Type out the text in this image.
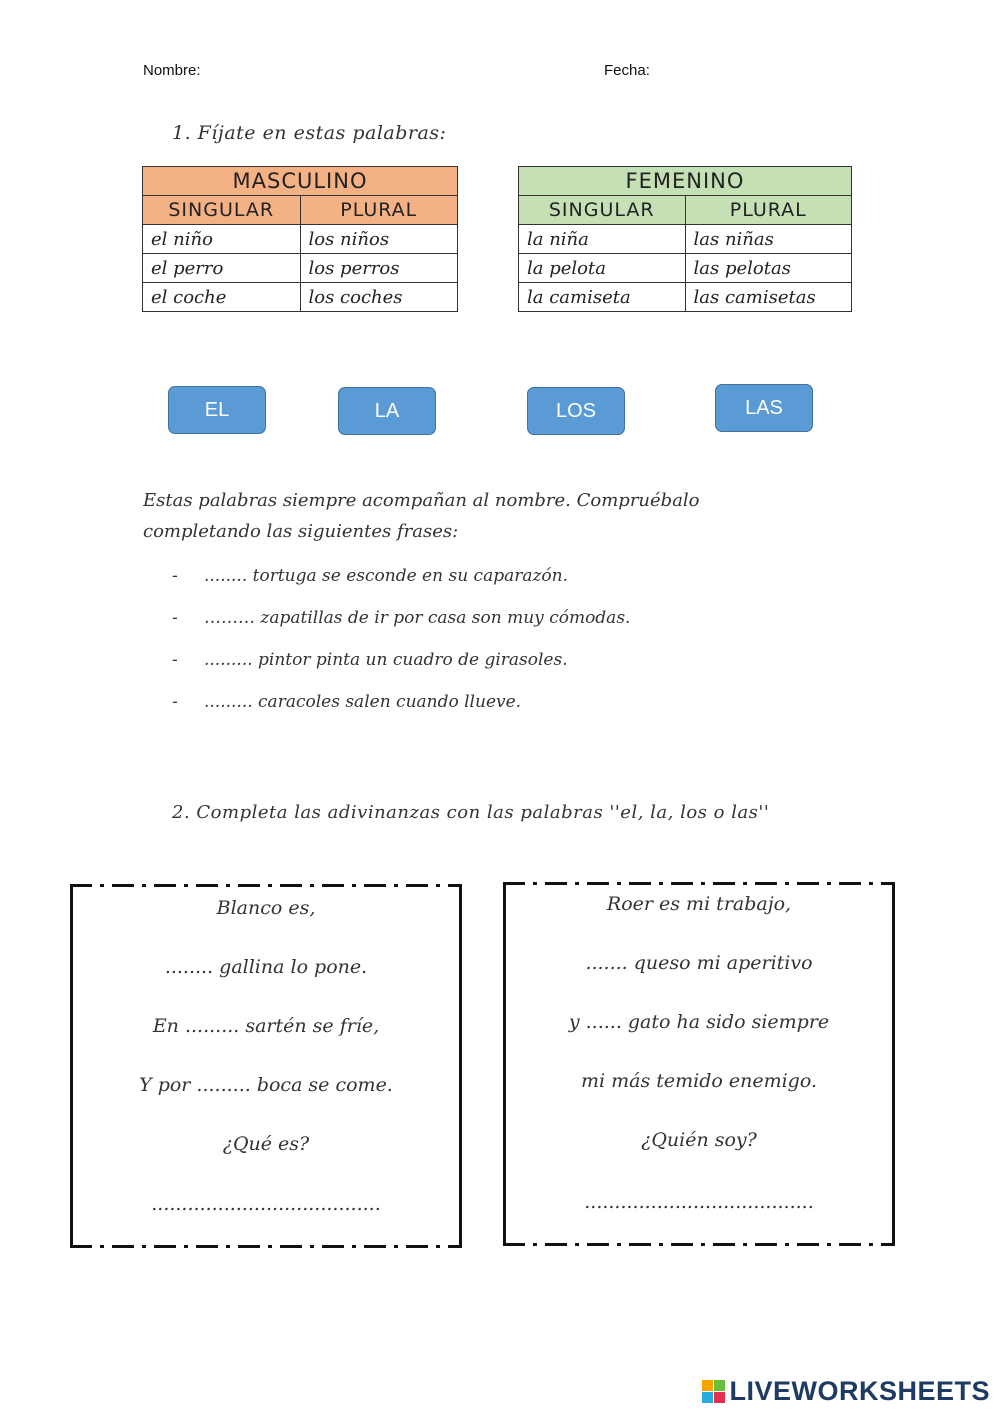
Nombre:	Fecha:
1. Fíjate en estas palabras:
MASCULINO	
SINGULAR	PLURAL
el niño	los niños
el perro	los perros
el coche	los coches
FEMENINO	
SINGULAR	PLURAL
la niña	las niñas
la pelota	las pelotas
la camiseta	las camisetas
EL	LA	LOS	LAS
Estas palabras siempre acompañan al nombre. Compruébalo
completando las siguientes frases:
- ........ tortuga se esconde en su caparazón.
- ……… zapatillas de ir por casa son muy cómodas.
- ......... pintor pinta un cuadro de girasoles.
- ......... caracoles salen cuando llueve.
2. Completa las adivinanzas con las palabras ''el, la, los o las''
Blanco es,
........ gallina lo pone.
En ......... sartén se fríe,
Y por ......... boca se come.
¿Qué es?
......................................
Roer es mi trabajo,
....... queso mi aperitivo
y ...... gato ha sido siempre
mi más temido enemigo.
¿Quién soy?
......................................
LIVEWORKSHEETS
